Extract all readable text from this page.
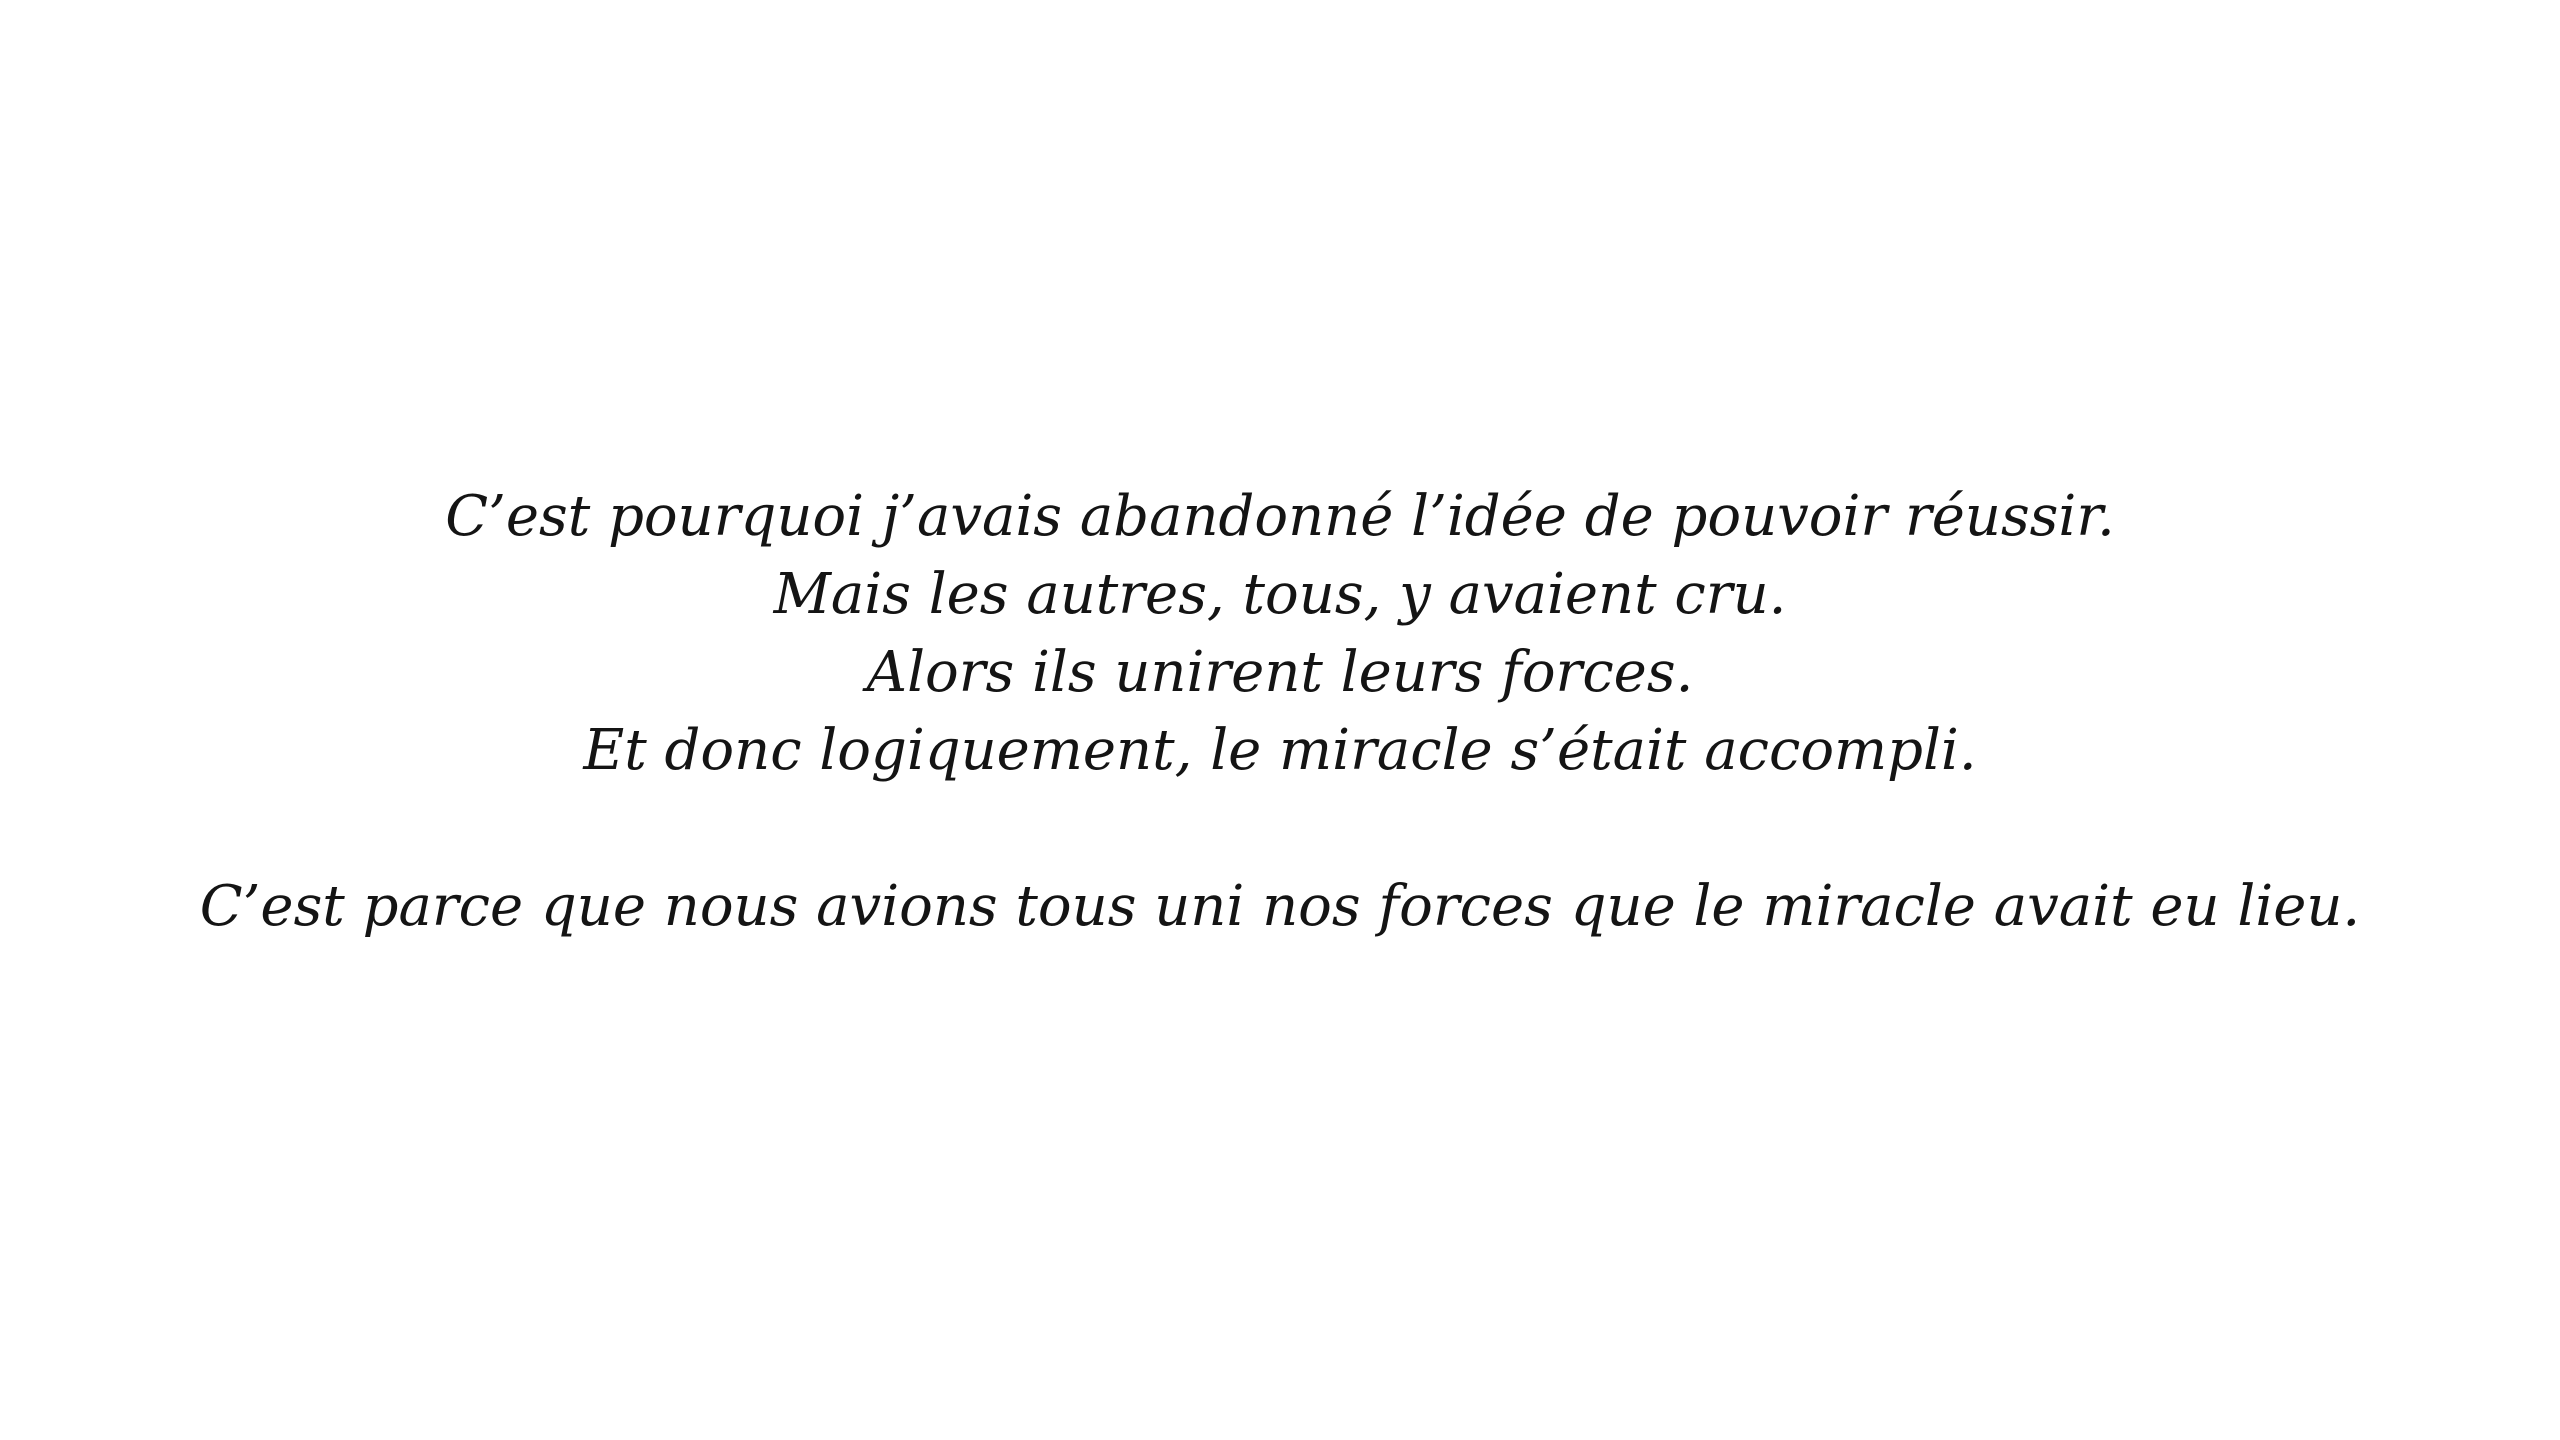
C’est pourquoi j’avais abandonné l’idée de pouvoir réussir.
Mais les autres, tous, y avaient cru.
Alors ils unirent leurs forces.
Et donc logiquement, le miracle s’était accompli.

C’est parce que nous avions tous uni nos forces que le miracle avait eu lieu.
